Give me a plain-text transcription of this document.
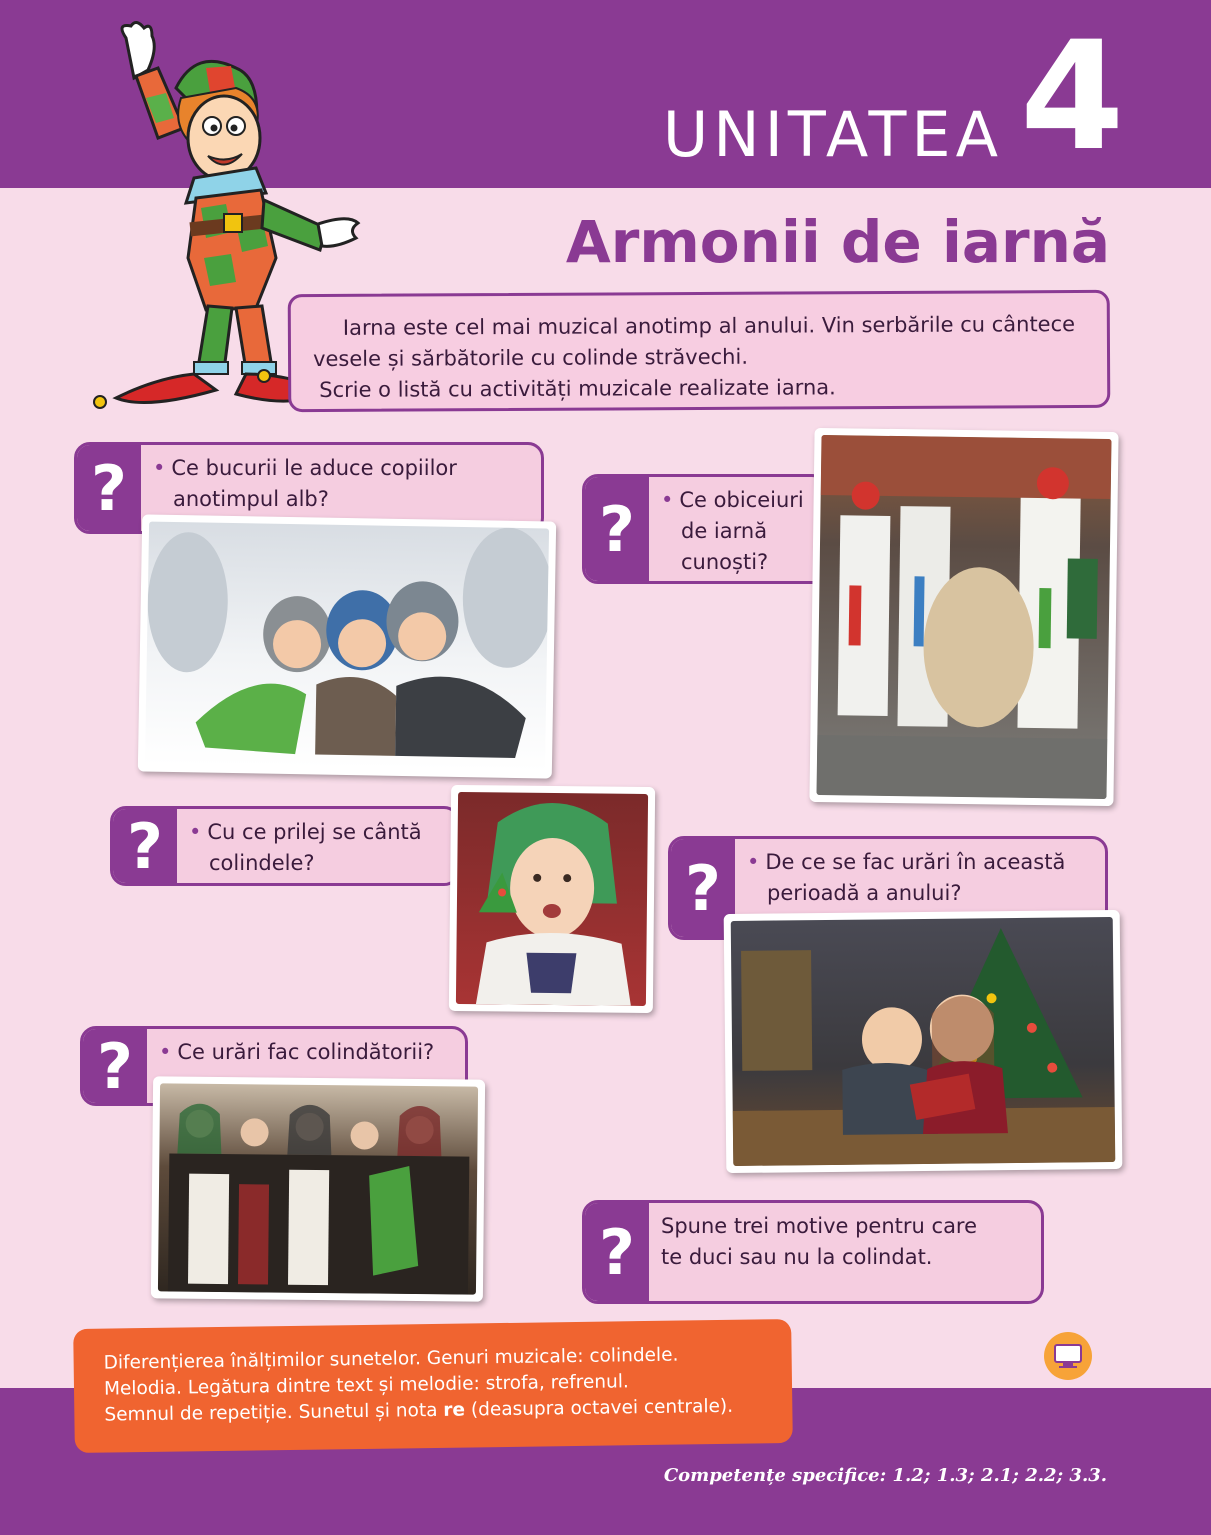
UNITATEA 4
Armonii de iarnă

Iarna este cel mai muzical anotimp al anului. Vin serbările cu cântece

vesele și sărbătorile cu colinde străvechi.

Scrie o listă cu activități muzicale realizate iarna.

?	• Ce bucurii le aduce copiilor
anotimpul alb?	?	• Ce obiceiuri
de iarnă
cunoști?
?	• Cu ce prilej se cântă
colindele?	?	• De ce se fac urări în această
perioadă a anului?
?	• Ce urări fac colindătorii?
?	Spune trei motive pentru care
te duci sau nu la colindat.

Diferențierea înălțimilor sunetelor. Genuri muzicale: colindele.

Melodia. Legătura dintre text și melodie: strofa, refrenul.

Semnul de repetiție. Sunetul și nota re (deasupra octavei centrale).

Competențe specifice: 1.2; 1.3; 2.1; 2.2; 3.3.
